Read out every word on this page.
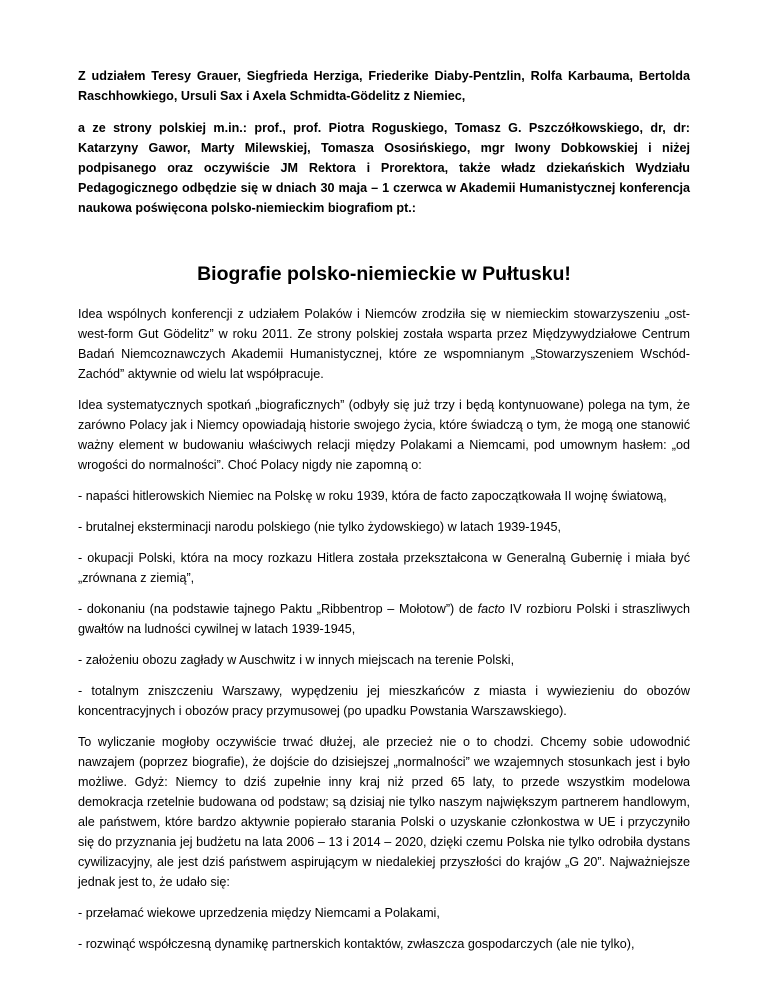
Z udziałem Teresy Grauer, Siegfrieda Herziga, Friederike Diaby-Pentzlin, Rolfa Karbauma, Bertolda Raschhowkiego, Ursuli Sax i Axela Schmidta-Gödelitz z Niemiec,

a ze strony polskiej m.in.: prof., prof. Piotra Roguskiego, Tomasz G. Pszczółkowskiego, dr, dr: Katarzyny Gawor, Marty Milewskiej, Tomasza Ososińskiego, mgr Iwony Dobkowskiej i niżej podpisanego oraz oczywiście JM Rektora i Prorektora, także władz dziekańskich Wydziału Pedagogicznego odbędzie się w dniach 30 maja – 1 czerwca w Akademii Humanistycznej konferencja naukowa poświęcona polsko-niemieckim biografiom pt.:

Biografie polsko-niemieckie w Pułtusku!

Idea wspólnych konferencji z udziałem Polaków i Niemców zrodziła się w niemieckim stowarzyszeniu „ost-west-form Gut Gödelitz” w roku 2011. Ze strony polskiej została wsparta przez Międzywydziałowe Centrum Badań Niemcoznawczych Akademii Humanistycznej, które ze wspomnianym „Stowarzyszeniem Wschód-Zachód” aktywnie od wielu lat współpracuje.

Idea systematycznych spotkań „biograficznych” (odbyły się już trzy i będą kontynuowane) polega na tym, że zarówno Polacy jak i Niemcy opowiadają historie swojego życia, które świadczą o tym, że mogą one stanowić ważny element w budowaniu właściwych relacji między Polakami a Niemcami, pod umownym hasłem: „od wrogości do normalności”. Choć Polacy nigdy nie zapomną o:

- napaści hitlerowskich Niemiec na Polskę w roku 1939, która de facto zapoczątkowała II wojnę światową,

- brutalnej eksterminacji narodu polskiego (nie tylko żydowskiego) w latach 1939-1945,

- okupacji Polski, która na mocy rozkazu Hitlera została przekształcona w Generalną Gubernię i miała być „zrównana z ziemią”,

- dokonaniu (na podstawie tajnego Paktu „Ribbentrop – Mołotow”) de facto IV rozbioru Polski i straszliwych gwałtów na ludności cywilnej w latach 1939-1945,

- założeniu obozu zagłady w Auschwitz i w innych miejscach na terenie Polski,

- totalnym zniszczeniu Warszawy, wypędzeniu jej mieszkańców z miasta i wywiezieniu do obozów koncentracyjnych i obozów pracy przymusowej (po upadku Powstania Warszawskiego).

To wyliczanie mogłoby oczywiście trwać dłużej, ale przecież nie o to chodzi. Chcemy sobie udowodnić nawzajem (poprzez biografie), że dojście do dzisiejszej „normalności” we wzajemnych stosunkach jest i było możliwe. Gdyż: Niemcy to dziś zupełnie inny kraj niż przed 65 laty, to przede wszystkim modelowa demokracja rzetelnie budowana od podstaw; są dzisiaj nie tylko naszym największym partnerem handlowym, ale państwem, które bardzo aktywnie popierało starania Polski o uzyskanie członkostwa w UE i przyczyniło się do przyznania jej budżetu na lata 2006 – 13 i 2014 – 2020, dzięki czemu Polska nie tylko odrobiła dystans cywilizacyjny, ale jest dziś państwem aspirującym w niedalekiej przyszłości do krajów „G 20”. Najważniejsze jednak jest to, że udało się:

- przełamać wiekowe uprzedzenia między Niemcami a Polakami,

- rozwinąć współczesną dynamikę partnerskich kontaktów, zwłaszcza gospodarczych (ale nie tylko),
